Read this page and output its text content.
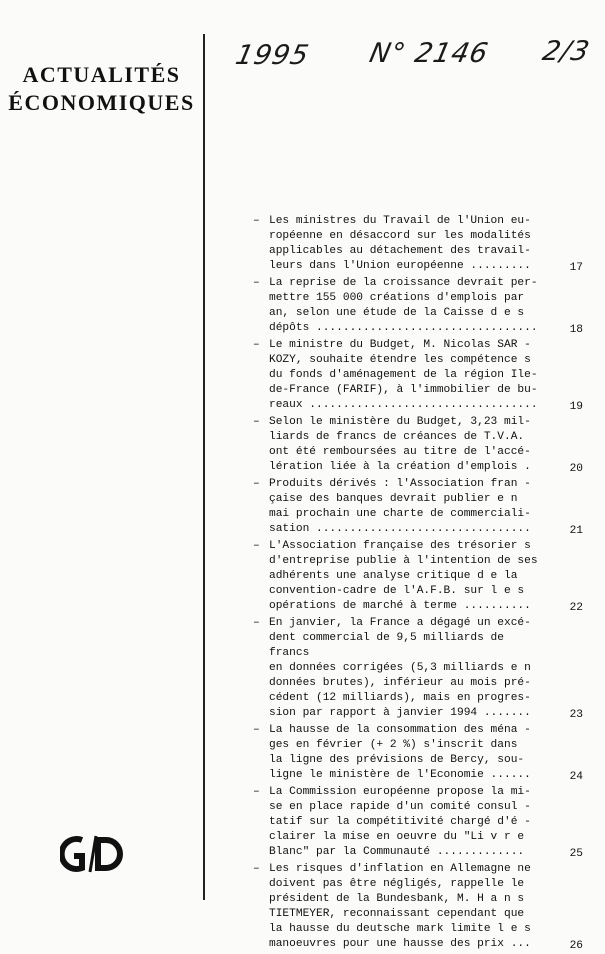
ACTUALITÉS
ÉCONOMIQUES
1995 N° 2146 2/3
– Les ministres du Travail de l'Union eu-
ropéenne en désaccord sur les modalités
applicables au détachement des travail-
leurs dans l'Union européenne .........	17
– La reprise de la croissance devrait per-
mettre 155 000 créations d'emplois par
an, selon une étude de la Caisse d e s
dépôts .................................	18
– Le ministre du Budget, M. Nicolas SAR -
KOZY, souhaite étendre les compétence s
du fonds d'aménagement de la région Ile-
de-France (FARIF), à l'immobilier de bu-
reaux ..................................	19
– Selon le ministère du Budget, 3,23 mil-
liards de francs de créances de T.V.A.
ont été remboursées au titre de l'accé-
lération liée à la création d'emplois .	20
– Produits dérivés : l'Association fran -
çaise des banques devrait publier e n
mai prochain une charte de commerciali-
sation ................................	21
– L'Association française des trésorier s
d'entreprise publie à l'intention de ses
adhérents une analyse critique d e la
convention-cadre de l'A.F.B. sur l e s
opérations de marché à terme ..........	22
– En janvier, la France a dégagé un excé-
dent commercial de 9,5 milliards de francs
en données corrigées (5,3 milliards e n
données brutes), inférieur au mois pré-
cédent (12 milliards), mais en progres-
sion par rapport à janvier 1994 .......	23
– La hausse de la consommation des ména -
ges en février (+ 2 %) s'inscrit dans
la ligne des prévisions de Bercy, sou-
ligne le ministère de l'Economie ......	24
– La Commission européenne propose la mi-
se en place rapide d'un comité consul -
tatif sur la compétitivité chargé d'é -
clairer la mise en oeuvre du "Li v r e
Blanc" par la Communauté .............	25
– Les risques d'inflation en Allemagne ne
doivent pas être négligés, rappelle le
président de la Bundesbank, M. H a n s
TIETMEYER, reconnaissant cependant que
la hausse du deutsche mark limite l e s
manoeuvres pour une hausse des prix ...	26
